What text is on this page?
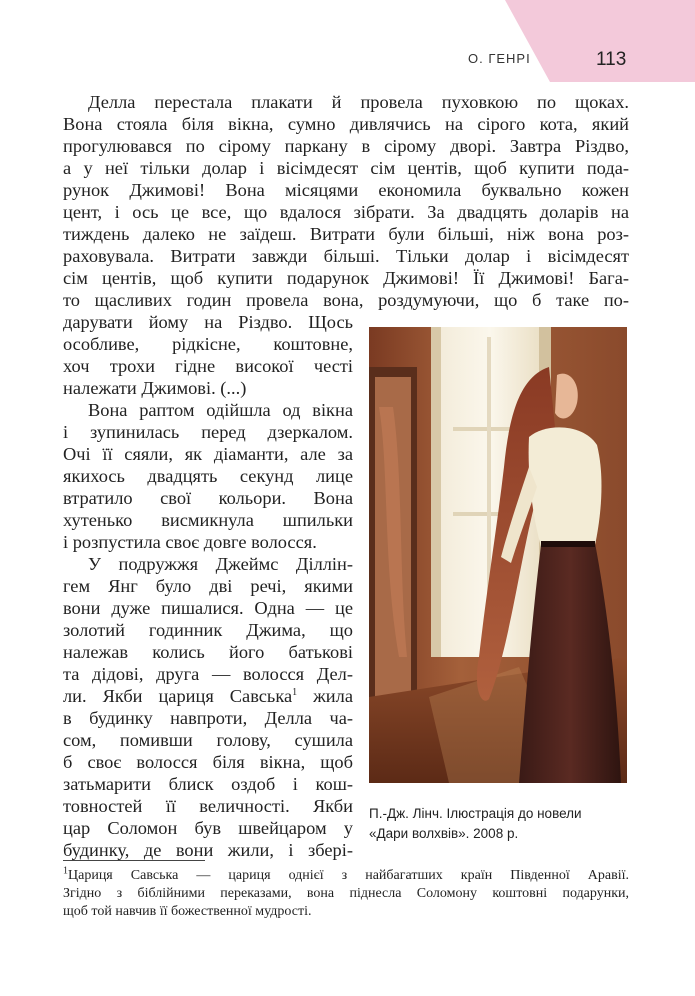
О. ГЕНРІ	113
Делла перестала плакати й провела пуховкою по щоках.
Вона стояла біля вікна, сумно дивлячись на сірого кота, який
прогулювався по сірому паркану в сірому дворі. Завтра Різдво,
а у неї тільки долар і вісімдесят сім центів, щоб купити пода-
рунок Джимові! Вона місяцями економила буквально кожен
цент, і ось це все, що вдалося зібрати. За двадцять доларів на
тиждень далеко не заїдеш. Витрати були більші, ніж вона роз-
раховувала. Витрати завжди більші. Тільки долар і вісімдесят
сім центів, щоб купити подарунок Джимові! Її Джимові! Бага-
то щасливих годин провела вона, роздумуючи, що б таке по-
дарувати йому на Різдво. Щось
особливе, рідкісне, коштовне,
хоч трохи гідне високої честі
належати Джимові. (...)
Вона раптом одійшла од вікна
і зупинилась перед дзеркалом.
Очі її сяяли, як діаманти, але за
якихось двадцять секунд лице
втратило свої кольори. Вона
хутенько висмикнула шпильки
і розпустила своє довге волосся.
У подружжя Джеймс Діллін-
гем Янг було дві речі, якими
вони дуже пишалися. Одна — це
золотий годинник Джима, що
належав колись його батькові
та дідові, друга — волосся Дел-
ли. Якби цариця Савська$^1$ жила
в будинку навпроти, Делла ча-
сом, помивши голову, сушила
б своє волосся біля вікна, щоб
затьмарити блиск оздоб і кош-
товностей її величності. Якби
цар Соломон був швейцаром у
будинку, де вони жили, і збері-
П.-Дж. Лінч. Ілюстрація до новели
«Дари волхвів». 2008 р.
$^1$Цариця Савська — цариця однієї з найбагатших країн Південної Аравії.
Згідно з біблійними переказами, вона піднесла Соломону коштовні подарунки,
щоб той навчив її божественної мудрості.
